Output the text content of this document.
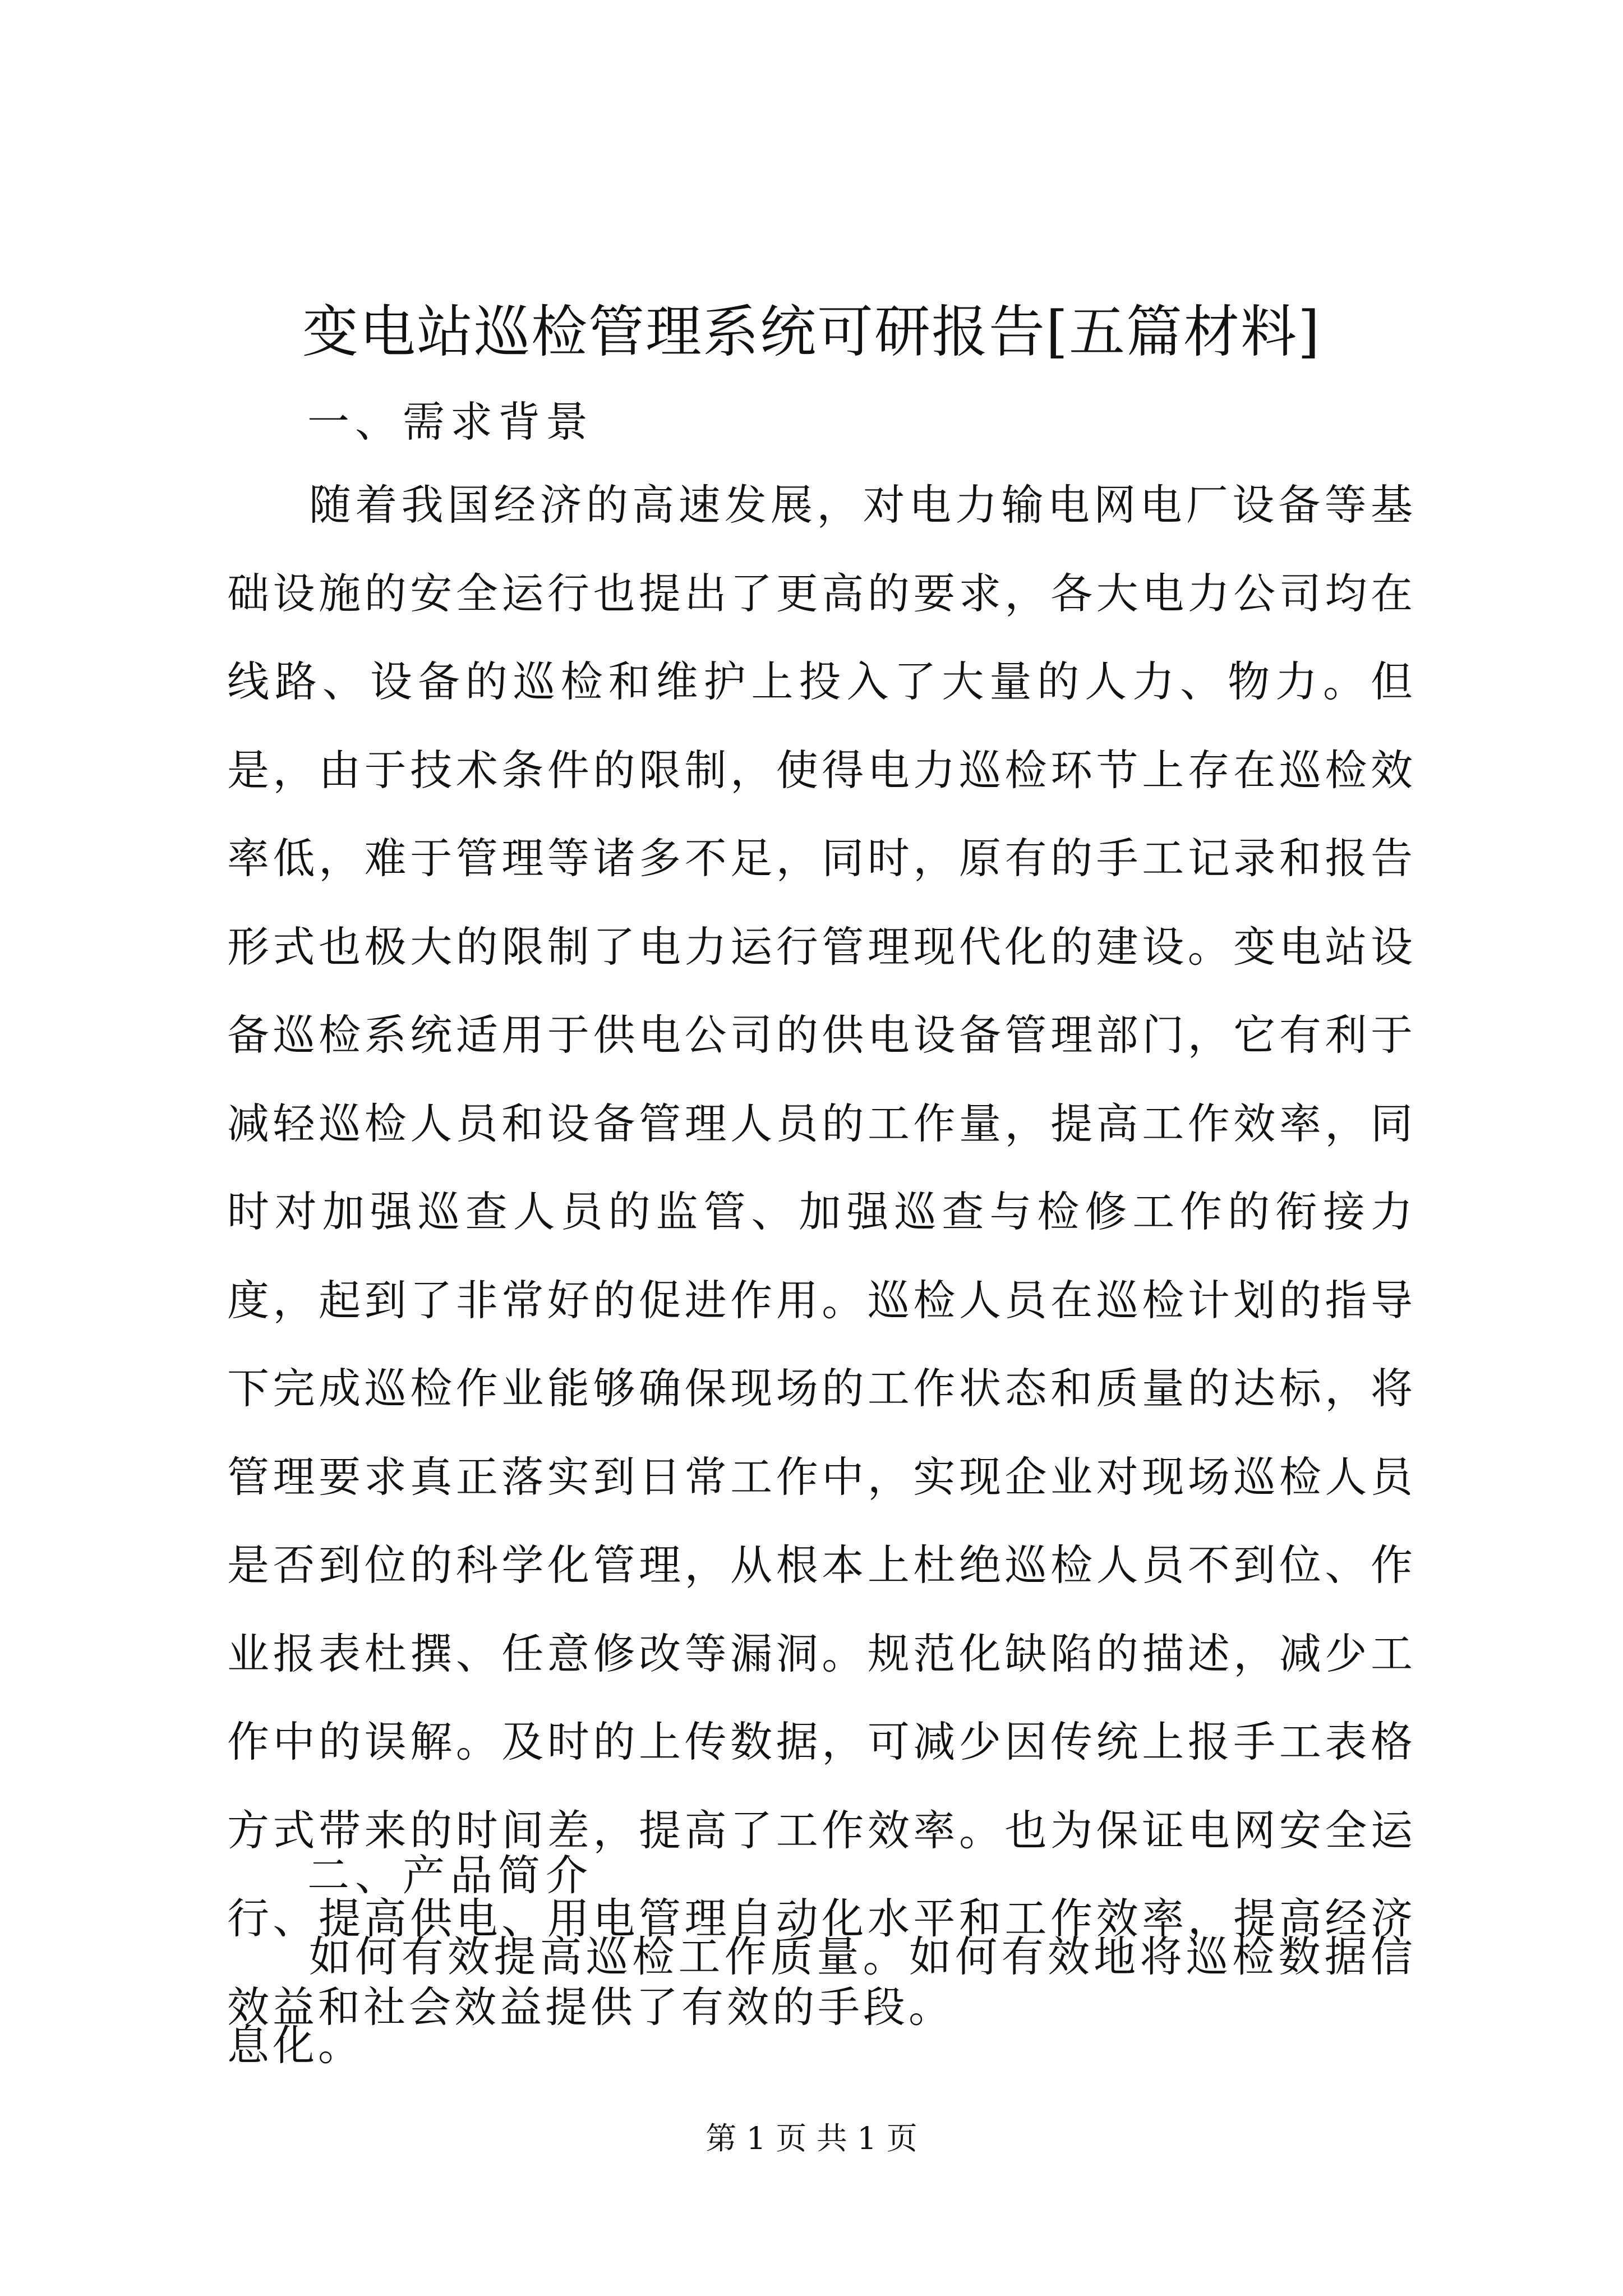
变电站巡检管理系统可研报告[五篇材料]
一、需求背景

随着我国经济的高速发展，对电力输电网电厂设备等基础设施的安全运行也提出了更高的要求，各大电力公司均在线路、设备的巡检和维护上投入了大量的人力、物力。但是，由于技术条件的限制，使得电力巡检环节上存在巡检效率低，难于管理等诸多不足，同时，原有的手工记录和报告形式也极大的限制了电力运行管理现代化的建设。变电站设备巡检系统适用于供电公司的供电设备管理部门，它有利于减轻巡检人员和设备管理人员的工作量，提高工作效率，同时对加强巡查人员的监管、加强巡查与检修工作的衔接力度，起到了非常好的促进作用。巡检人员在巡检计划的指导下完成巡检作业能够确保现场的工作状态和质量的达标，将管理要求真正落实到日常工作中，实现企业对现场巡检人员是否到位的科学化管理，从根本上杜绝巡检人员不到位、作业报表杜撰、任意修改等漏洞。规范化缺陷的描述，减少工作中的误解。及时的上传数据，可减少因传统上报手工表格方式带来的时间差，提高了工作效率。也为保证电网安全运行、提高供电、用电管理自动化水平和工作效率，提高经济效益和社会效益提供了有效的手段。

二、产品简介

如何有效提高巡检工作质量。如何有效地将巡检数据信息化。

第 1 页 共 1 页
